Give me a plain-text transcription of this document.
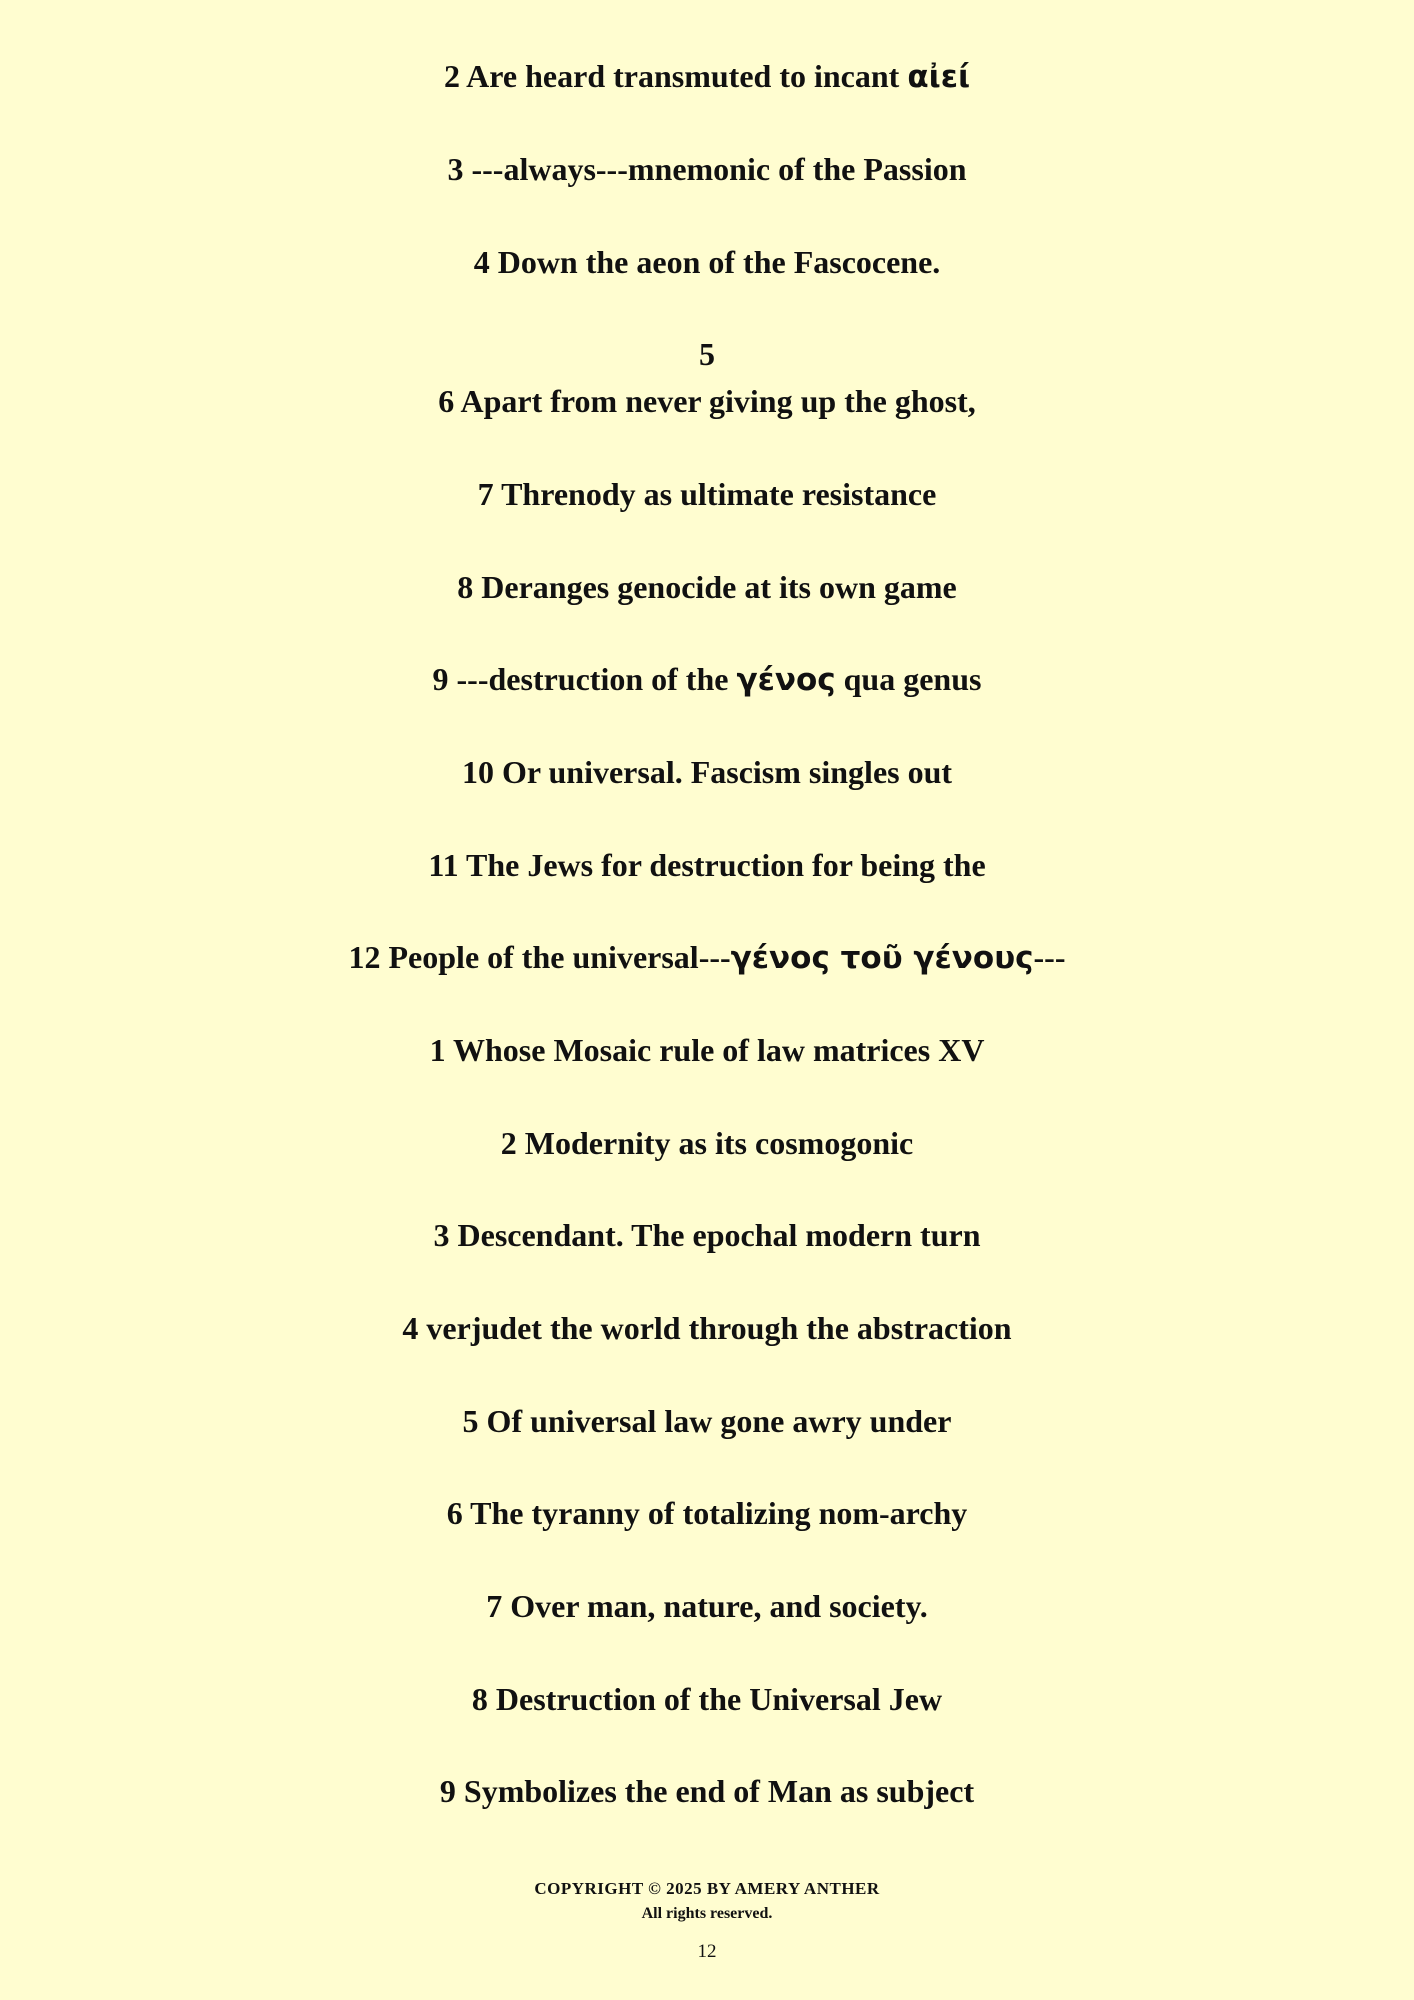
2 Are heard transmuted to incant αἰεί
3 ---always---mnemonic of the Passion
4 Down the aeon of the Fascocene.
5
6 Apart from never giving up the ghost,
7 Threnody as ultimate resistance
8 Deranges genocide at its own game
9 ---destruction of the γένος qua genus
10 Or universal. Fascism singles out
11 The Jews for destruction for being the
12 People of the universal---γένος τοῦ γένους---
1 Whose Mosaic rule of law matrices XV
2 Modernity as its cosmogonic
3 Descendant. The epochal modern turn
4 verjudet the world through the abstraction
5 Of universal law gone awry under
6 The tyranny of totalizing nom-archy
7 Over man, nature, and society.
8 Destruction of the Universal Jew
9 Symbolizes the end of Man as subject
COPYRIGHT © 2025 BY AMERY ANTHER
All rights reserved.
12
